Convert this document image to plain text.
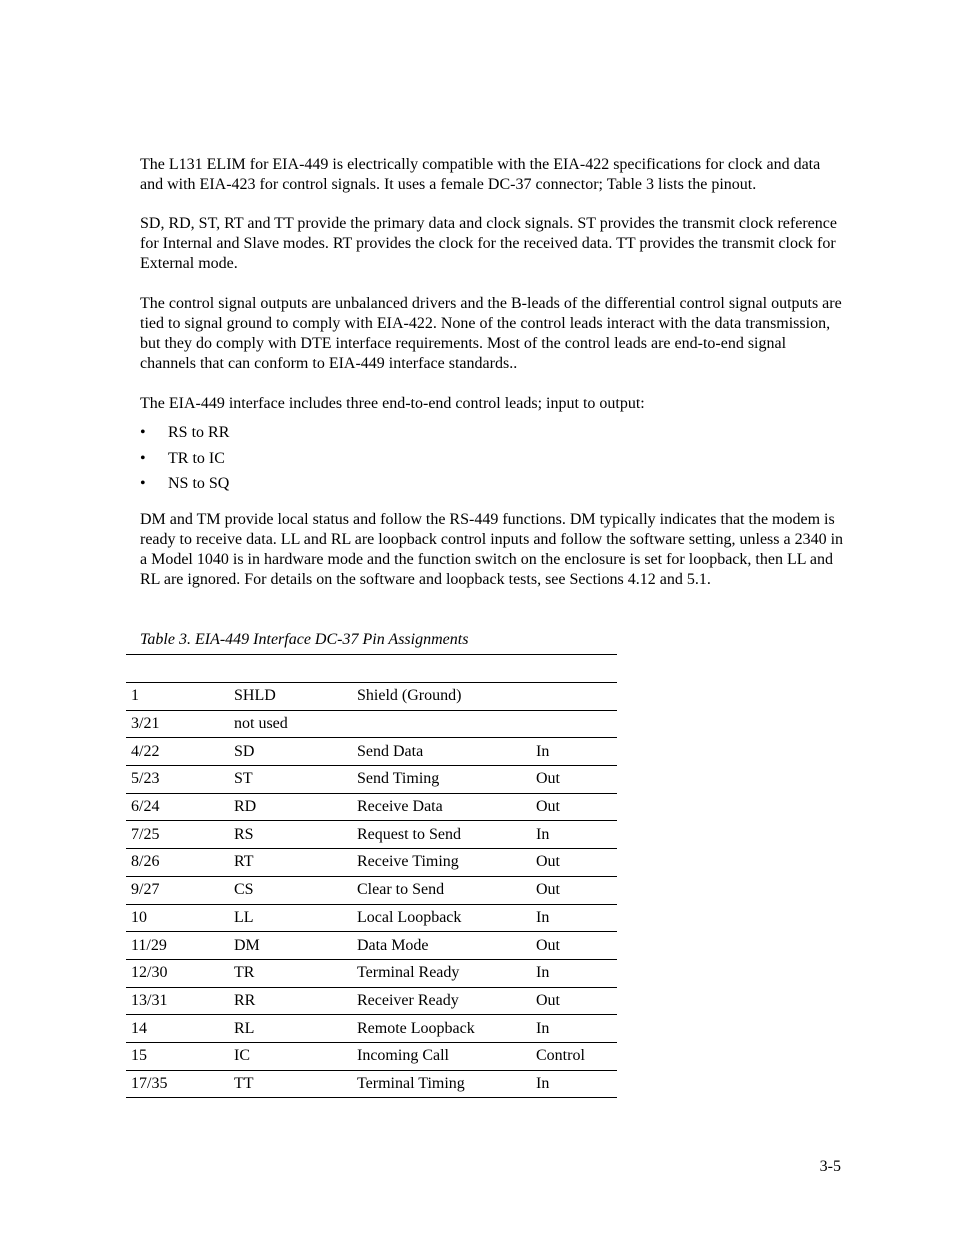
The L131 ELIM for EIA-449 is electrically compatible with the EIA-422 specifications for clock and data and with EIA-423 for control signals. It uses a female DC-37 connector; Table 3 lists the pinout.

SD, RD, ST, RT and TT provide the primary data and clock signals. ST provides the transmit clock reference for Internal and Slave modes. RT provides the clock for the received data. TT provides the transmit clock for External mode.

The control signal outputs are unbalanced drivers and the B-leads of the differential control signal outputs are tied to signal ground to comply with EIA-422. None of the control leads interact with the data transmission, but they do comply with DTE interface requirements. Most of the control leads are end-to-end signal channels that can conform to EIA-449 interface standards..

The EIA-449 interface includes three end-to-end control leads; input to output:

• RS to RR
• TR to IC
• NS to SQ

DM and TM provide local status and follow the RS-449 functions. DM typically indicates that the modem is ready to receive data. LL and RL are loopback control inputs and follow the software setting, unless a 2340 in a Model 1040 is in hardware mode and the function switch on the enclosure is set for loopback, then LL and RL are ignored. For details on the software and loopback tests, see Sections 4.12 and 5.1.

Table 3. EIA-449 Interface DC-37 Pin Assignments

1	SHLD	Shield (Ground)	
3/21	not used		
4/22	SD	Send Data	In
5/23	ST	Send Timing	Out
6/24	RD	Receive Data	Out
7/25	RS	Request to Send	In
8/26	RT	Receive Timing	Out
9/27	CS	Clear to Send	Out
10	LL	Local Loopback	In
11/29	DM	Data Mode	Out
12/30	TR	Terminal Ready	In
13/31	RR	Receiver Ready	Out
14	RL	Remote Loopback	In
15	IC	Incoming Call	Control
17/35	TT	Terminal Timing	In
3-5
